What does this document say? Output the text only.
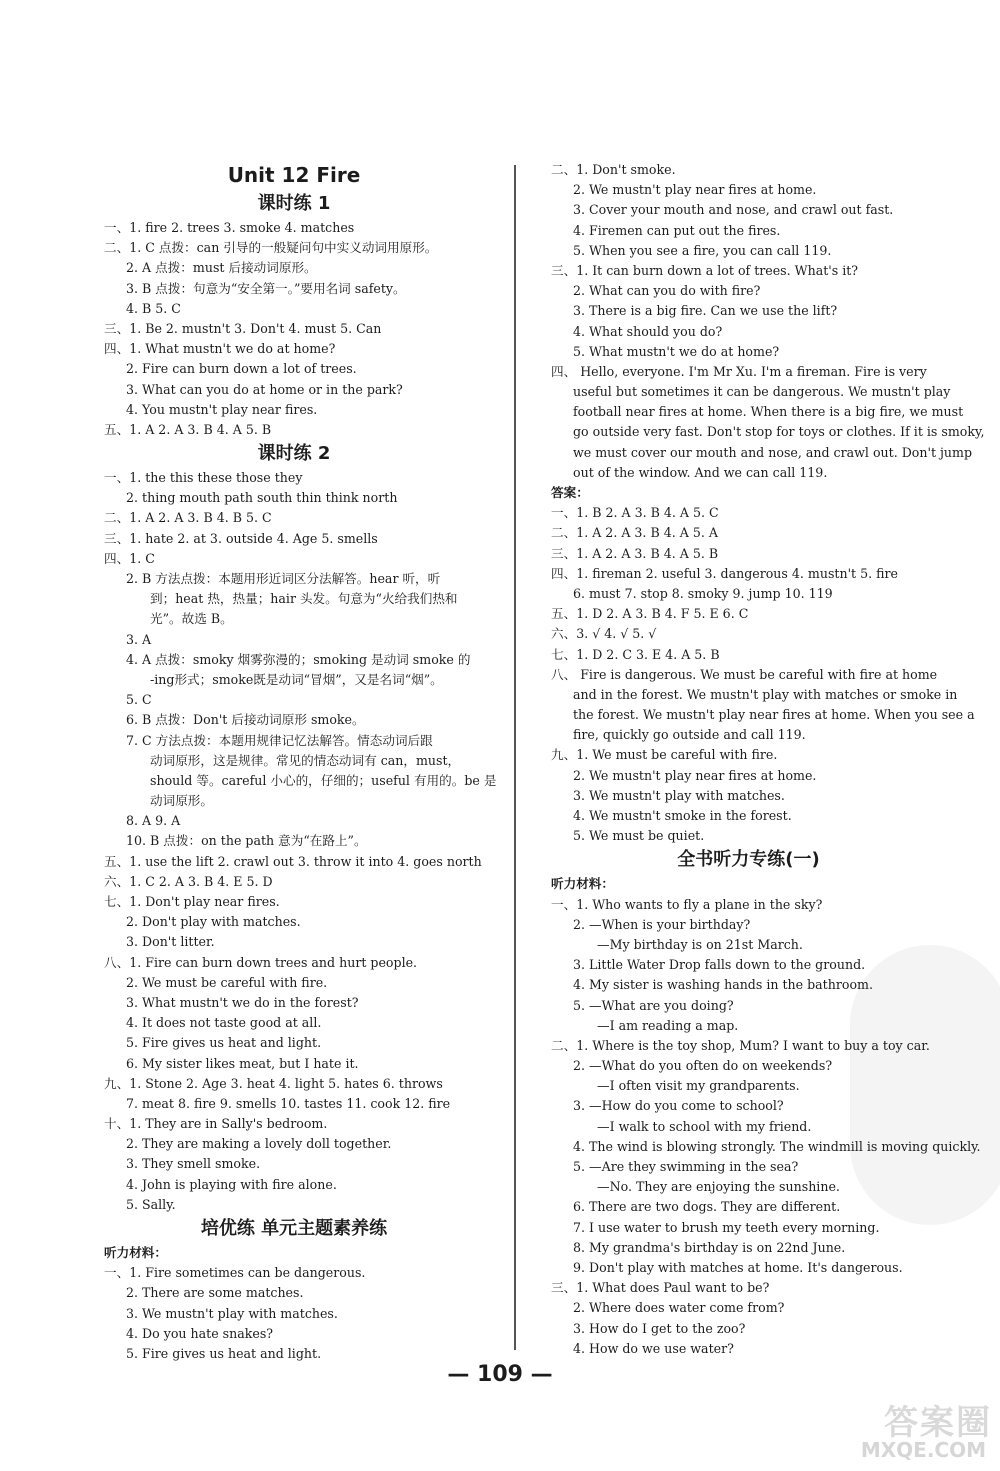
Unit 12 Fire
课时练 1
一、1. fire 2. trees 3. smoke 4. matches
二、1. C 点拨：can 引导的一般疑问句中实义动词用原形。
2. A 点拨：must 后接动词原形。
3. B 点拨：句意为“安全第一。”要用名词 safety。
4. B 5. C
三、1. Be 2. mustn't 3. Don't 4. must 5. Can
四、1. What mustn't we do at home?
2. Fire can burn down a lot of trees.
3. What can you do at home or in the park?
4. You mustn't play near fires.
五、1. A 2. A 3. B 4. A 5. B
课时练 2
一、1. the this these those they
2. thing mouth path south thin think north
二、1. A 2. A 3. B 4. B 5. C
三、1. hate 2. at 3. outside 4. Age 5. smells
四、1. C
2. B 方法点拨：本题用形近词区分法解答。hear 听，听
到；heat 热，热量；hair 头发。句意为“火给我们热和
光”。故选 B。
3. A
4. A 点拨：smoky 烟雾弥漫的；smoking 是动词 smoke 的
-ing形式；smoke既是动词“冒烟”，又是名词“烟”。
5. C
6. B 点拨：Don't 后接动词原形 smoke。
7. C 方法点拨：本题用规律记忆法解答。情态动词后跟
动词原形，这是规律。常见的情态动词有 can，must，
should 等。careful 小心的，仔细的；useful 有用的。be 是
动词原形。
8. A 9. A
10. B 点拨：on the path 意为“在路上”。
五、1. use the lift 2. crawl out 3. throw it into 4. goes north
六、1. C 2. A 3. B 4. E 5. D
七、1. Don't play near fires.
2. Don't play with matches.
3. Don't litter.
八、1. Fire can burn down trees and hurt people.
2. We must be careful with fire.
3. What mustn't we do in the forest?
4. It does not taste good at all.
5. Fire gives us heat and light.
6. My sister likes meat, but I hate it.
九、1. Stone 2. Age 3. heat 4. light 5. hates 6. throws
7. meat 8. fire 9. smells 10. tastes 11. cook 12. fire
十、1. They are in Sally's bedroom.
2. They are making a lovely doll together.
3. They smell smoke.
4. John is playing with fire alone.
5. Sally.
培优练 单元主题素养练
听力材料：
一、1. Fire sometimes can be dangerous.
2. There are some matches.
3. We mustn't play with matches.
4. Do you hate snakes?
5. Fire gives us heat and light.
二、1. Don't smoke.
2. We mustn't play near fires at home.
3. Cover your mouth and nose, and crawl out fast.
4. Firemen can put out the fires.
5. When you see a fire, you can call 119.
三、1. It can burn down a lot of trees. What's it?
2. What can you do with fire?
3. There is a big fire. Can we use the lift?
4. What should you do?
5. What mustn't we do at home?
四、 Hello, everyone. I'm Mr Xu. I'm a fireman. Fire is very
useful but sometimes it can be dangerous. We mustn't play
football near fires at home. When there is a big fire, we must
go outside very fast. Don't stop for toys or clothes. If it is smoky,
we must cover our mouth and nose, and crawl out. Don't jump
out of the window. And we can call 119.
答案：
一、1. B 2. A 3. B 4. A 5. C
二、1. A 2. A 3. B 4. A 5. A
三、1. A 2. A 3. B 4. A 5. B
四、1. fireman 2. useful 3. dangerous 4. mustn't 5. fire
6. must 7. stop 8. smoky 9. jump 10. 119
五、1. D 2. A 3. B 4. F 5. E 6. C
六、3. √ 4. √ 5. √
七、1. D 2. C 3. E 4. A 5. B
八、 Fire is dangerous. We must be careful with fire at home
and in the forest. We mustn't play with matches or smoke in
the forest. We mustn't play near fires at home. When you see a
fire, quickly go outside and call 119.
九、1. We must be careful with fire.
2. We mustn't play near fires at home.
3. We mustn't play with matches.
4. We mustn't smoke in the forest.
5. We must be quiet.
全书听力专练(一)
听力材料：
一、1. Who wants to fly a plane in the sky?
2. —When is your birthday?
—My birthday is on 21st March.
3. Little Water Drop falls down to the ground.
4. My sister is washing hands in the bathroom.
5. —What are you doing?
—I am reading a map.
二、1. Where is the toy shop, Mum? I want to buy a toy car.
2. —What do you often do on weekends?
—I often visit my grandparents.
3. —How do you come to school?
—I walk to school with my friend.
4. The wind is blowing strongly. The windmill is moving quickly.
5. —Are they swimming in the sea?
—No. They are enjoying the sunshine.
6. There are two dogs. They are different.
7. I use water to brush my teeth every morning.
8. My grandma's birthday is on 22nd June.
9. Don't play with matches at home. It's dangerous.
三、1. What does Paul want to be?
2. Where does water come from?
3. How do I get to the zoo?
4. How do we use water?
— 109 —
答案圈
MXQE.COM
